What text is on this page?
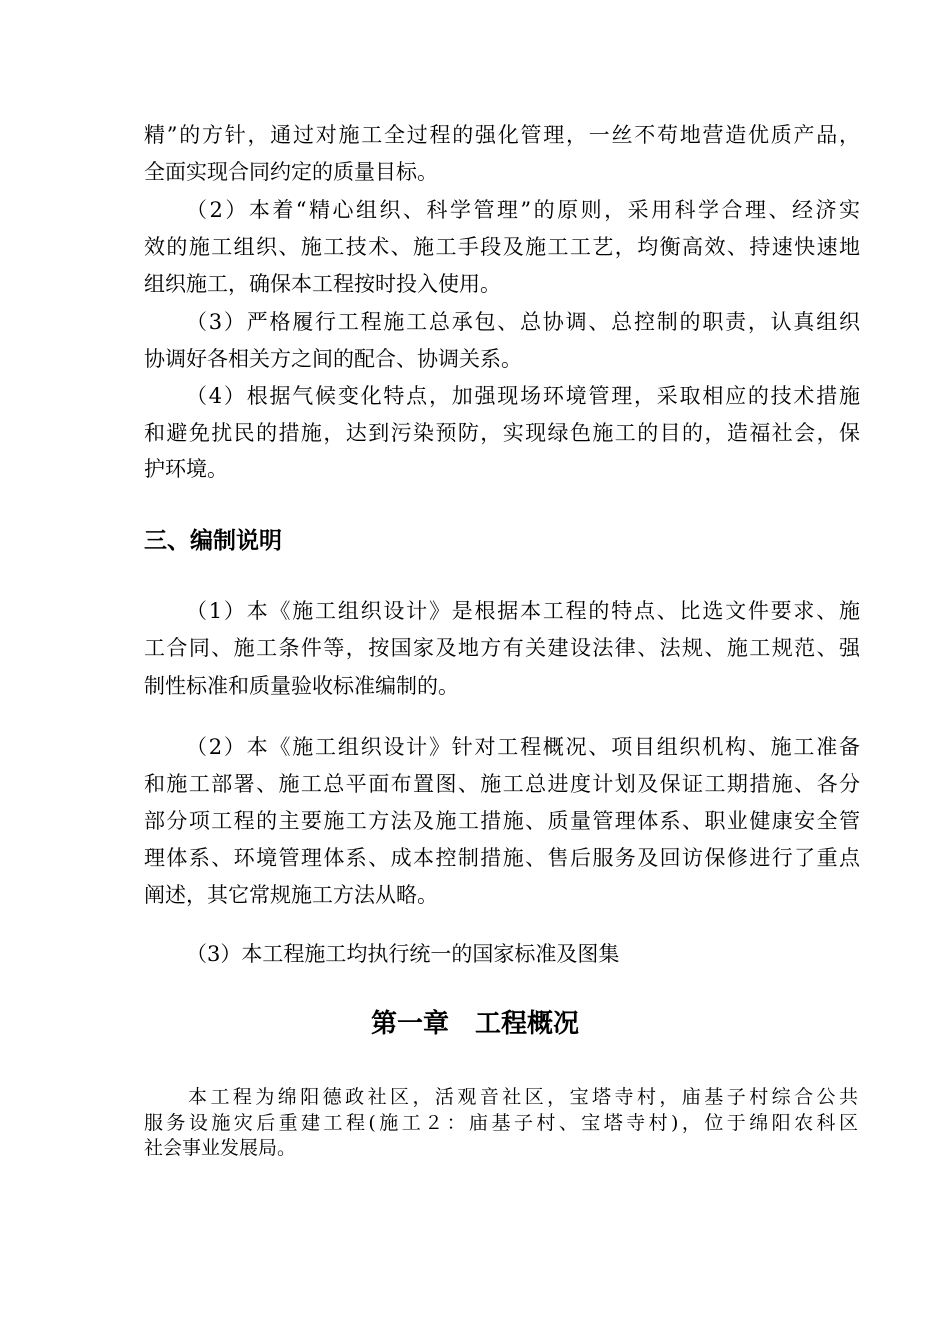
精”的方针，通过对施工全过程的强化管理，一丝不苟地营造优质产品，
全面实现合同约定的质量目标。
（2）本着“精心组织、科学管理”的原则，采用科学合理、经济实
效的施工组织、施工技术、施工手段及施工工艺，均衡高效、持速快速地
组织施工，确保本工程按时投入使用。
（3）严格履行工程施工总承包、总协调、总控制的职责，认真组织
协调好各相关方之间的配合、协调关系。
（4）根据气候变化特点，加强现场环境管理，采取相应的技术措施
和避免扰民的措施，达到污染预防，实现绿色施工的目的，造福社会，保
护环境。
三、编制说明
（1）本《施工组织设计》是根据本工程的特点、比选文件要求、施
工合同、施工条件等，按国家及地方有关建设法律、法规、施工规范、强
制性标准和质量验收标准编制的。
（2）本《施工组织设计》针对工程概况、项目组织机构、施工准备
和施工部署、施工总平面布置图、施工总进度计划及保证工期措施、各分
部分项工程的主要施工方法及施工措施、质量管理体系、职业健康安全管
理体系、环境管理体系、成本控制措施、售后服务及回访保修进行了重点
阐述，其它常规施工方法从略。
（3）本工程施工均执行统一的国家标准及图集
第一章　工程概况
本工程为绵阳德政社区，活观音社区，宝塔寺村，庙基子村综合公共
服务设施灾后重建工程(施工２：庙基子村、宝塔寺村)，位于绵阳农科区
社会事业发展局。
